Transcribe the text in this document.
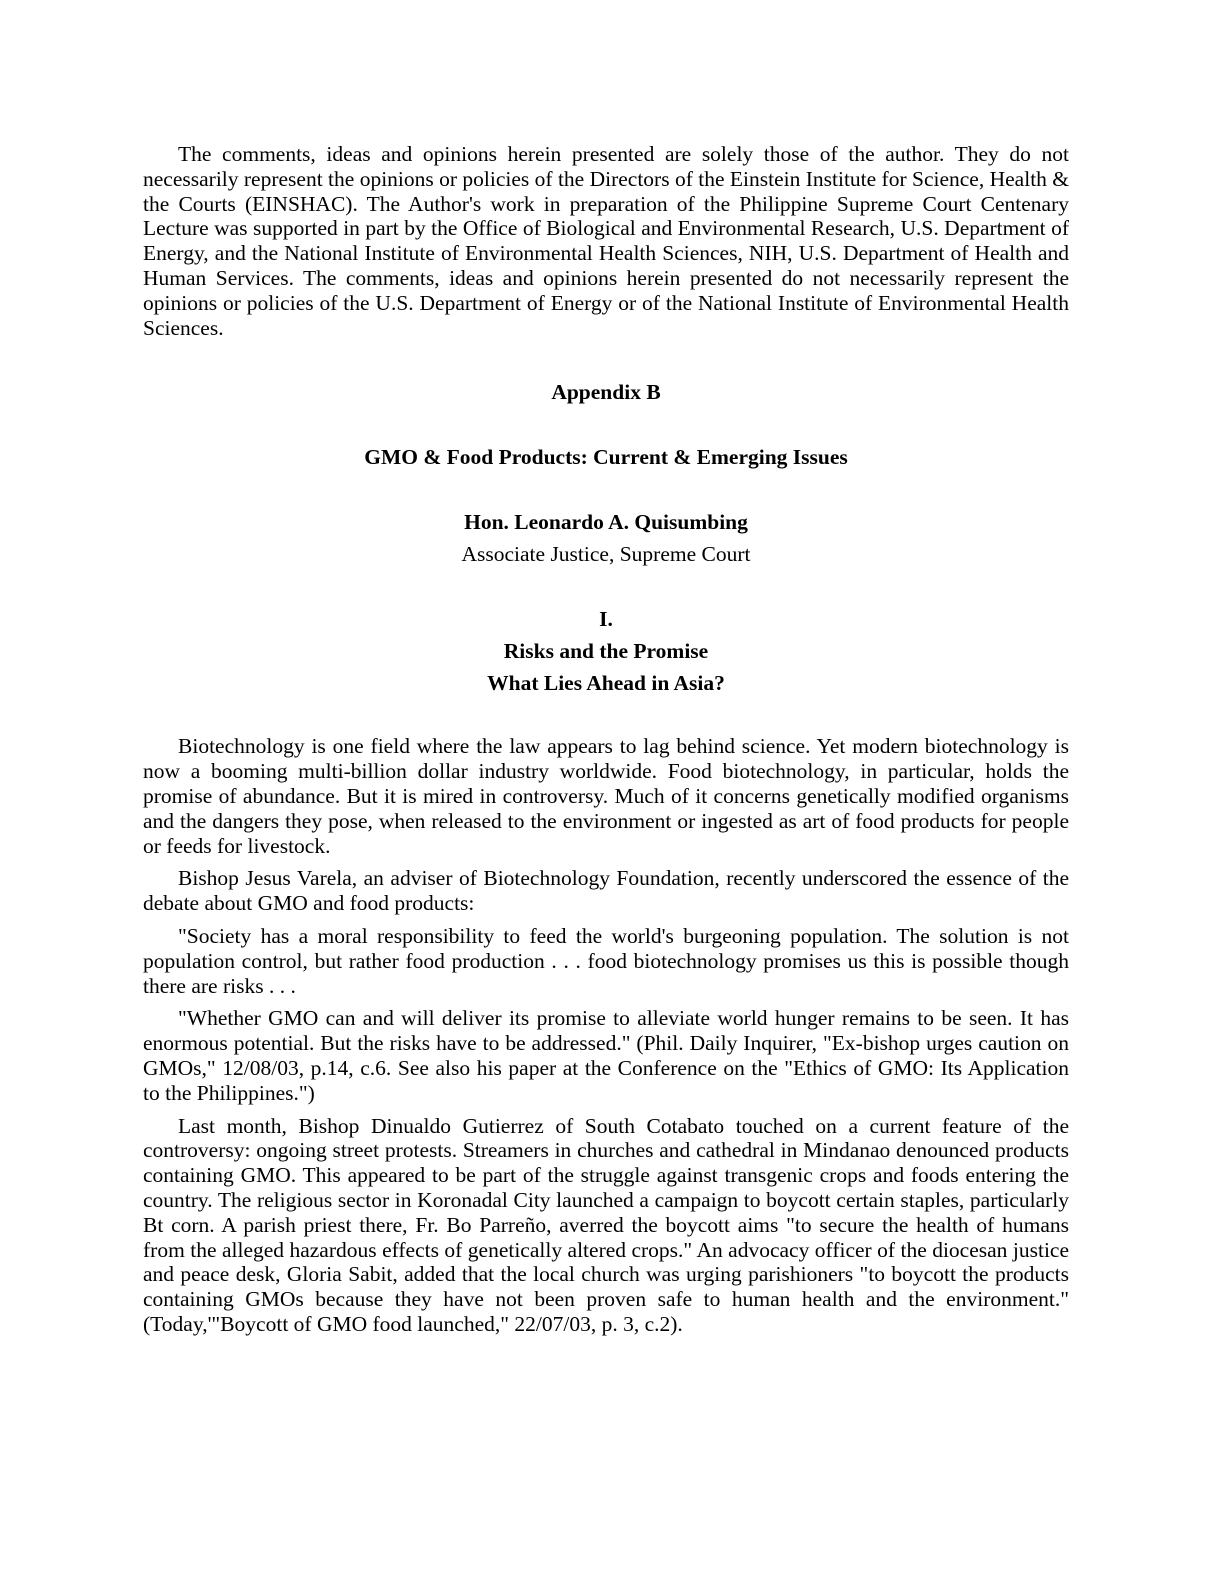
The comments, ideas and opinions herein presented are solely those of the author. They do not necessarily represent the opinions or policies of the Directors of the Einstein Institute for Science, Health & the Courts (EINSHAC). The Author's work in preparation of the Philippine Supreme Court Centenary Lecture was supported in part by the Office of Biological and Environmental Research, U.S. Department of Energy, and the National Institute of Environmental Health Sciences, NIH, U.S. Department of Health and Human Services. The comments, ideas and opinions herein presented do not necessarily represent the opinions or policies of the U.S. Department of Energy or of the National Institute of Environmental Health Sciences.

Appendix B
GMO & Food Products: Current & Emerging Issues
Hon. Leonardo A. Quisumbing
Associate Justice, Supreme Court
I.
Risks and the Promise
What Lies Ahead in Asia?

Biotechnology is one field where the law appears to lag behind science. Yet modern biotechnology is now a booming multi-billion dollar industry worldwide. Food biotechnology, in particular, holds the promise of abundance. But it is mired in controversy. Much of it concerns genetically modified organisms and the dangers they pose, when released to the environment or ingested as art of food products for people or feeds for livestock.

Bishop Jesus Varela, an adviser of Biotechnology Foundation, recently underscored the essence of the debate about GMO and food products:

"Society has a moral responsibility to feed the world's burgeoning population. The solution is not population control, but rather food production . . . food biotechnology promises us this is possible though there are risks . . .

"Whether GMO can and will deliver its promise to alleviate world hunger remains to be seen. It has enormous potential. But the risks have to be addressed." (Phil. Daily Inquirer, "Ex-bishop urges caution on GMOs," 12/08/03, p.14, c.6. See also his paper at the Conference on the "Ethics of GMO: Its Application to the Philippines.")

Last month, Bishop Dinualdo Gutierrez of South Cotabato touched on a current feature of the controversy: ongoing street protests. Streamers in churches and cathedral in Mindanao denounced products containing GMO. This appeared to be part of the struggle against transgenic crops and foods entering the country. The religious sector in Koronadal City launched a campaign to boycott certain staples, particularly Bt corn. A parish priest there, Fr. Bo Parreño, averred the boycott aims "to secure the health of humans from the alleged hazardous effects of genetically altered crops." An advocacy officer of the diocesan justice and peace desk, Gloria Sabit, added that the local church was urging parishioners "to boycott the products containing GMOs because they have not been proven safe to human health and the environment." (Today,'"Boycott of GMO food launched," 22/07/03, p. 3, c.2).
